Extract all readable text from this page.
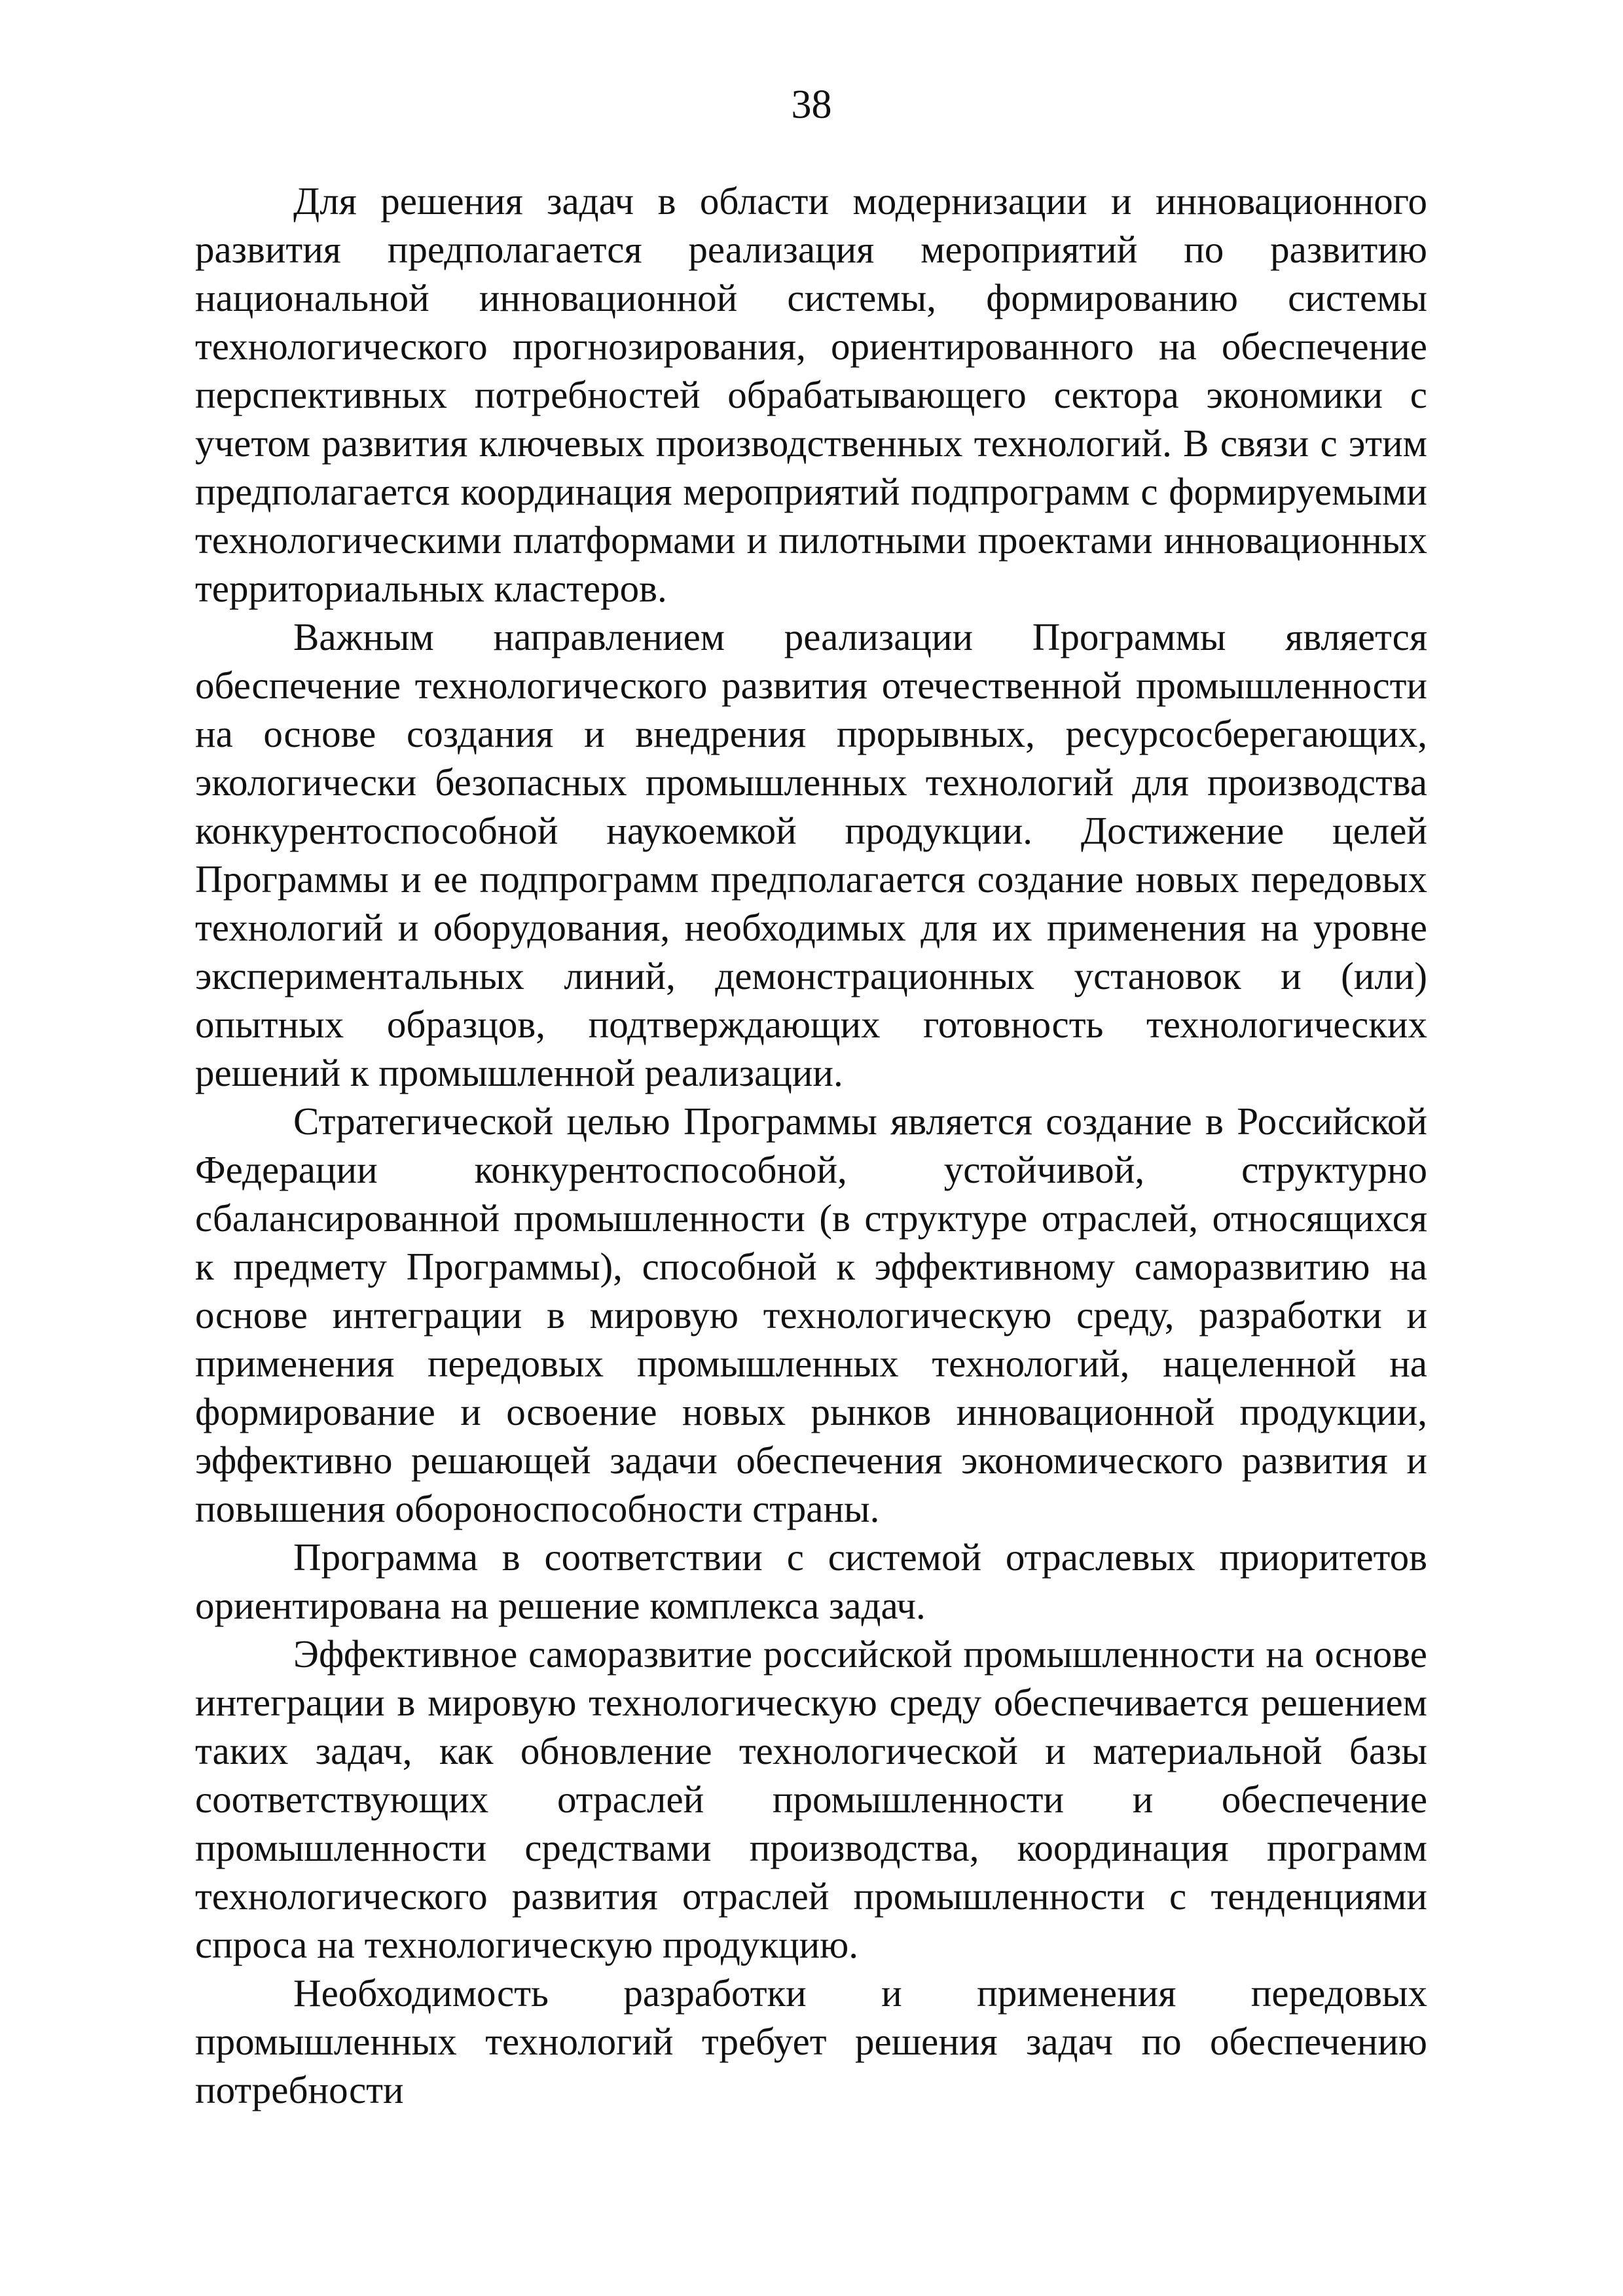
38

Для решения задач в области модернизации и инновационного развития предполагается реализация мероприятий по развитию национальной инновационной системы, формированию системы технологического прогнозирования, ориентированного на обеспечение перспективных потребностей обрабатывающего сектора экономики с учетом развития ключевых производственных технологий. В связи с этим предполагается координация мероприятий подпрограмм с формируемыми технологическими платформами и пилотными проектами инновационных территориальных кластеров.

Важным направлением реализации Программы является обеспечение технологического развития отечественной промышленности на основе создания и внедрения прорывных, ресурсосберегающих, экологически безопасных промышленных технологий для производства конкурентоспособной наукоемкой продукции. Достижение целей Программы и ее подпрограмм предполагается создание новых передовых технологий и оборудования, необходимых для их применения на уровне экспериментальных линий, демонстрационных установок и (или) опытных образцов, подтверждающих готовность технологических решений к промышленной реализации.

Стратегической целью Программы является создание в Российской Федерации конкурентоспособной, устойчивой, структурно сбалансированной промышленности (в структуре отраслей, относящихся к предмету Программы), способной к эффективному саморазвитию на основе интеграции в мировую технологическую среду, разработки и применения передовых промышленных технологий, нацеленной на формирование и освоение новых рынков инновационной продукции, эффективно решающей задачи обеспечения экономического развития и повышения обороноспособности страны.

Программа в соответствии с системой отраслевых приоритетов ориентирована на решение комплекса задач.

Эффективное саморазвитие российской промышленности на основе интеграции в мировую технологическую среду обеспечивается решением таких задач, как обновление технологической и материальной базы соответствующих отраслей промышленности и обеспечение промышленности средствами производства, координация программ технологического развития отраслей промышленности с тенденциями спроса на технологическую продукцию.

Необходимость разработки и применения передовых промышленных технологий требует решения задач по обеспечению потребности
